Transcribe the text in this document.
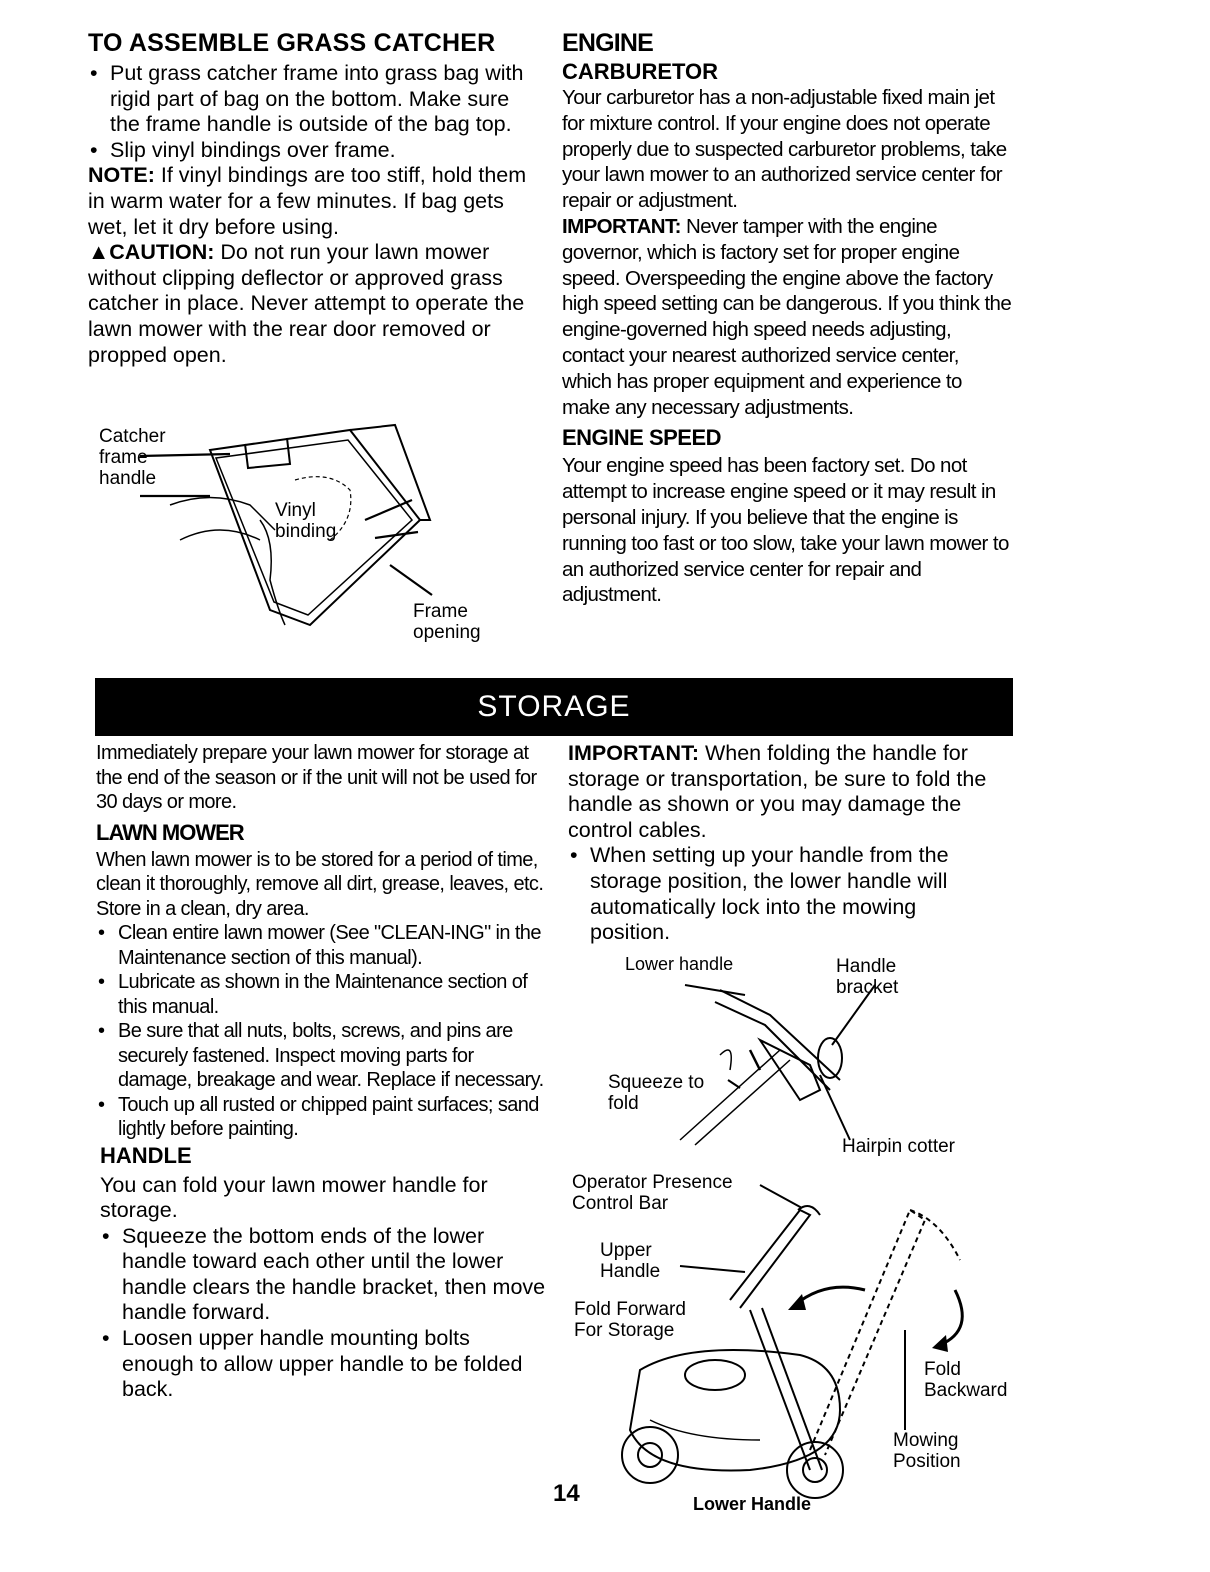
TO ASSEMBLE GRASS CATCHER
• Put grass catcher frame into grass bag with rigid part of bag on the bottom. Make sure the frame handle is outside of the bag top.
• Slip vinyl bindings over frame.
NOTE: If vinyl bindings are too stiff, hold them in warm water for a few minutes. If bag gets wet, let it dry before using.
▲CAUTION: Do not run your lawn mower without clipping deflector or approved grass catcher in place. Never attempt to operate the lawn mower with the rear door removed or propped open.
Catcher
frame
handle
Vinyl
binding
Frame
opening
ENGINE
CARBURETOR
Your carburetor has a non-adjustable fixed main jet for mixture control. If your engine does not operate properly due to suspected carburetor problems, take your lawn mower to an authorized service center for repair or adjustment.
IMPORTANT: Never tamper with the engine governor, which is factory set for proper engine speed. Overspeeding the engine above the factory high speed setting can be dangerous. If you think the engine-governed high speed needs adjusting, contact your nearest authorized service center, which has proper equipment and experience to make any necessary adjustments.
ENGINE SPEED
Your engine speed has been factory set. Do not attempt to increase engine speed or it may result in personal injury. If you believe that the engine is running too fast or too slow, take your lawn mower to an authorized service center for repair and adjustment.
STORAGE
Immediately prepare your lawn mower for storage at the end of the season or if the unit will not be used for 30 days or more.
LAWN MOWER
When lawn mower is to be stored for a period of time, clean it thoroughly, remove all dirt, grease, leaves, etc. Store in a clean, dry area.
• Clean entire lawn mower (See "CLEAN-ING" in the Maintenance section of this manual).
• Lubricate as shown in the Maintenance section of this manual.
• Be sure that all nuts, bolts, screws, and pins are securely fastened. Inspect moving parts for damage, breakage and wear. Replace if necessary.
• Touch up all rusted or chipped paint surfaces; sand lightly before painting.
HANDLE
You can fold your lawn mower handle for storage.
• Squeeze the bottom ends of the lower handle toward each other until the lower handle clears the handle bracket, then move handle forward.
• Loosen upper handle mounting bolts enough to allow upper handle to be folded back.
IMPORTANT: When folding the handle for storage or transportation, be sure to fold the handle as shown or you may damage the control cables.
• When setting up your handle from the storage position, the lower handle will automatically lock into the mowing position.
Lower handle	Handle
bracket
Squeeze to
fold
Hairpin cotter
Operator Presence
Control Bar
Upper
Handle
Fold Forward
For Storage
Fold
Backward
Mowing
Position
Lower Handle
14
